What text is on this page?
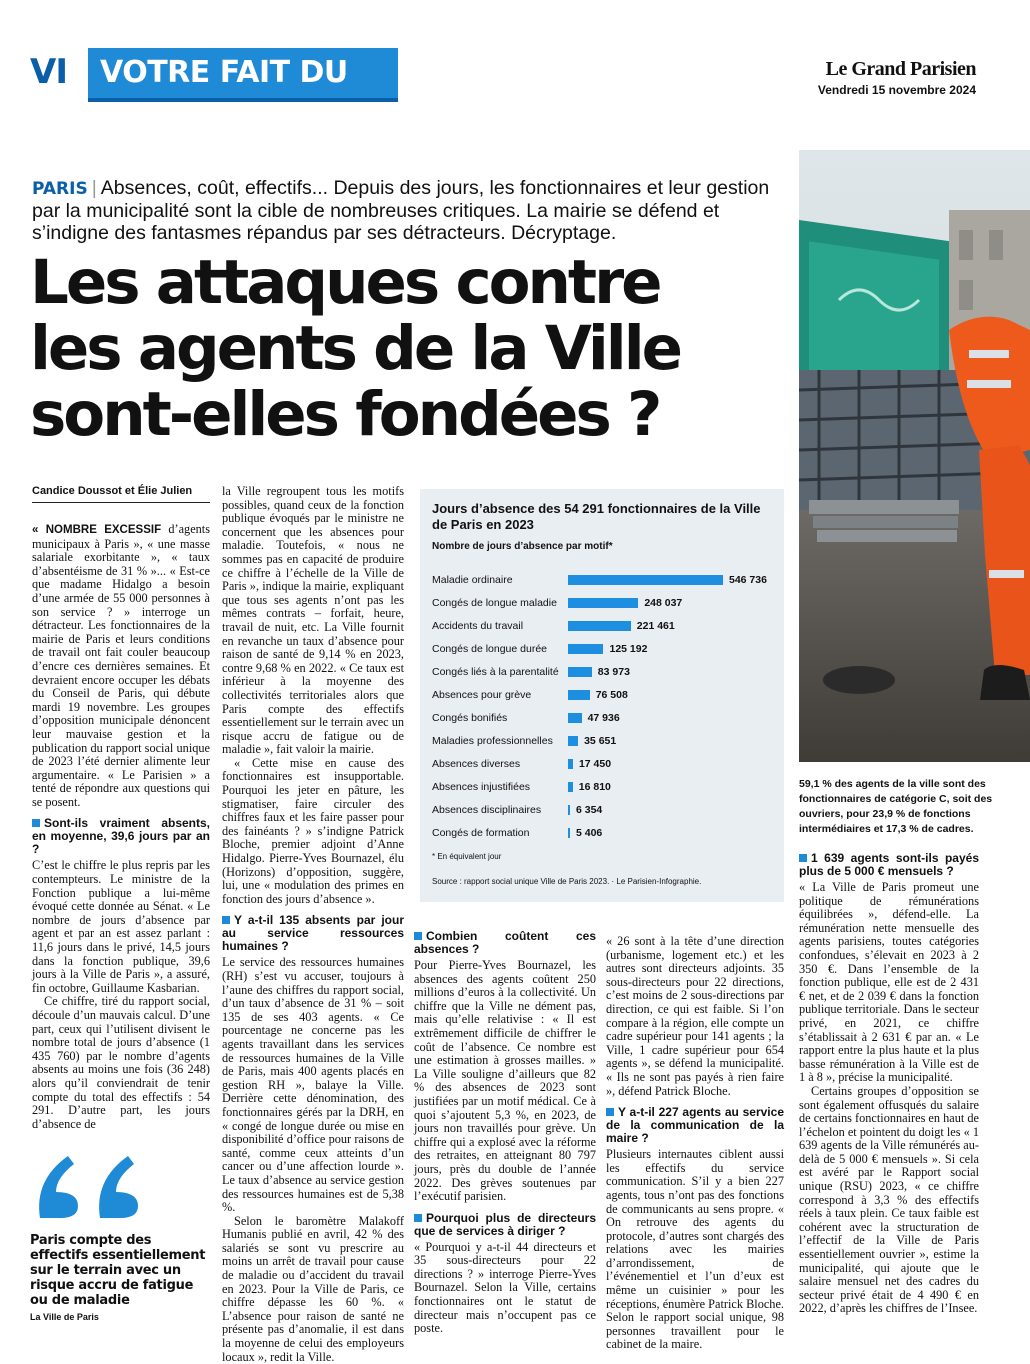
VI	VOTRE FAIT DU JOUR
Le Grand Parisien
Vendredi 15 novembre 2024
59,1 % des agents de la ville sont des fonctionnaires de catégorie C, soit des ouvriers, pour 23,9 % de fonctions intermédiaires et 17,3 % de cadres.
PARIS | Absences, coût, effectifs... Depuis des jours, les fonctionnaires et leur gestion par la municipalité sont la cible de nombreuses critiques. La mairie se défend et s’indigne des fantasmes répandus par ses détracteurs. Décryptage.
Les attaques contre
les agents de la Ville
sont-elles fondées ?
Candice Doussot et Élie Julien

« NOMBRE EXCESSIF d’agents municipaux à Paris », « une masse salariale exorbitante », « taux d’absentéisme de 31 % »... « Est-ce que madame Hidalgo a besoin d’une armée de 55 000 personnes à son service ? » interroge un détracteur. Les fonctionnaires de la mairie de Paris et leurs conditions de travail ont fait couler beaucoup d’encre ces dernières semaines. Et devraient encore occuper les débats du Conseil de Paris, qui débute mardi 19 novembre. Les groupes d’opposition municipale dénoncent leur mauvaise gestion et la publication du rapport social unique de 2023 l’été dernier alimente leur argumentaire. « Le Parisien » a tenté de répondre aux questions qui se posent.

Sont-ils vraiment absents, en moyenne, 39,6 jours par an ?

C’est le chiffre le plus repris par les contempteurs. Le ministre de la Fonction publique a lui-même évoqué cette donnée au Sénat. « Le nombre de jours d’absence par agent et par an est assez parlant : 11,6 jours dans le privé, 14,5 jours dans la fonction publique, 39,6 jours à la Ville de Paris », a assuré, fin octobre, Guillaume Kasbarian.

Ce chiffre, tiré du rapport social, découle d’un mauvais calcul. D’une part, ceux qui l’utilisent divisent le nombre total de jours d’absence (1 435 760) par le nombre d’agents absents au moins une fois (36 248) alors qu’il conviendrait de tenir compte du total des effectifs : 54 291. D’autre part, les jours d’absence de

Paris compte des effectifs essentiellement sur le terrain avec un risque accru de fatigue ou de maladie
La Ville de Paris

la Ville regroupent tous les motifs possibles, quand ceux de la fonction publique évoqués par le ministre ne concernent que les absences pour maladie. Toutefois, « nous ne sommes pas en capacité de produire ce chiffre à l’échelle de la Ville de Paris », indique la mairie, expliquant que tous ses agents n’ont pas les mêmes contrats – forfait, heure, travail de nuit, etc. La Ville fournit en revanche un taux d’absence pour raison de santé de 9,14 % en 2023, contre 9,68 % en 2022. « Ce taux est inférieur à la moyenne des collectivités territoriales alors que Paris compte des effectifs essentiellement sur le terrain avec un risque accru de fatigue ou de maladie », fait valoir la mairie.

« Cette mise en cause des fonctionnaires est insupportable. Pourquoi les jeter en pâture, les stigmatiser, faire circuler des chiffres faux et les faire passer pour des fainéants ? » s’indigne Patrick Bloche, premier adjoint d’Anne Hidalgo. Pierre-Yves Bournazel, élu (Horizons) d’opposition, suggère, lui, une « modulation des primes en fonction des jours d’absence ».

Y a-t-il 135 absents par jour au service ressources humaines ?

Le service des ressources humaines (RH) s’est vu accuser, toujours à l’aune des chiffres du rapport social, d’un taux d’absence de 31 % – soit 135 de ses 403 agents. « Ce pourcentage ne concerne pas les agents travaillant dans les services de ressources humaines de la Ville de Paris, mais 400 agents placés en gestion RH », balaye la Ville. Derrière cette dénomination, des fonctionnaires gérés par la DRH, en « congé de longue durée ou mise en disponibilité d’office pour raisons de santé, comme ceux atteints d’un cancer ou d’une affection lourde ». Le taux d’absence au service gestion des ressources humaines est de 5,38 %.

Selon le baromètre Malakoff Humanis publié en avril, 42 % des salariés se sont vu prescrire au moins un arrêt de travail pour cause de maladie ou d’accident du travail en 2023. Pour la Ville de Paris, ce chiffre dépasse les 60 %. « L’absence pour raison de santé ne présente pas d’anomalie, il est dans la moyenne de celui des employeurs locaux », redit la Ville.

Jours d’absence des 54 291 fonctionnaires de la Ville de Paris en 2023
Nombre de jours d’absence par motif*
Maladie ordinaire	546 736
Congés de longue maladie	248 037
Accidents du travail	221 461
Congés de longue durée	125 192
Congés liés à la parentalité	83 973
Absences pour grève	76 508
Congés bonifiés	47 936
Maladies professionnelles	35 651
Absences diverses	17 450
Absences injustifiées	16 810
Absences disciplinaires	6 354
Congés de formation	5 406
* En équivalent jour
Source : rapport social unique Ville de Paris 2023. · Le Parisien-Infographie.
Combien coûtent ces absences ?

Pour Pierre-Yves Bournazel, les absences des agents coûtent 250 millions d’euros à la collectivité. Un chiffre que la Ville ne dément pas, mais qu’elle relativise : « Il est extrêmement difficile de chiffrer le coût de l’absence. Ce nombre est une estimation à grosses mailles. » La Ville souligne d’ailleurs que 82 % des absences de 2023 sont justifiées par un motif médical. Ce à quoi s’ajoutent 5,3 %, en 2023, de jours non travaillés pour grève. Un chiffre qui a explosé avec la réforme des retraites, en atteignant 80 797 jours, près du double de l’année 2022. Des grèves soutenues par l’exécutif parisien.

Pourquoi plus de directeurs que de services à diriger ?

« Pourquoi y a-t-il 44 directeurs et 35 sous-directeurs pour 22 directions ? » interroge Pierre-Yves Bournazel. Selon la Ville, certains fonctionnaires ont le statut de directeur mais n’occupent pas ce poste.

« 26 sont à la tête d’une direction (urbanisme, logement etc.) et les autres sont directeurs adjoints. 35 sous-directeurs pour 22 directions, c’est moins de 2 sous-directions par direction, ce qui est faible. Si l’on compare à la région, elle compte un cadre supérieur pour 141 agents ; la Ville, 1 cadre supérieur pour 654 agents », se défend la municipalité. « Ils ne sont pas payés à rien faire », défend Patrick Bloche.

Y a-t-il 227 agents au service de la communication de la maire ?

Plusieurs internautes ciblent aussi les effectifs du service communication. S’il y a bien 227 agents, tous n’ont pas des fonctions de communicants au sens propre. « On retrouve des agents du protocole, d’autres sont chargés des relations avec les mairies d’arrondissement, de l’événementiel et l’un d’eux est même un cuisinier » pour les réceptions, énumère Patrick Bloche. Selon le rapport social unique, 98 personnes travaillent pour le cabinet de la maire.

1 639 agents sont-ils payés plus de 5 000 € mensuels ?

« La Ville de Paris promeut une politique de rémunérations équilibrées », défend-elle. La rémunération nette mensuelle des agents parisiens, toutes catégories confondues, s’élevait en 2023 à 2 350 €. Dans l’ensemble de la fonction publique, elle est de 2 431 € net, et de 2 039 € dans la fonction publique territoriale. Dans le secteur privé, en 2021, ce chiffre s’établissait à 2 631 € par an. « Le rapport entre la plus haute et la plus basse rémunération à la Ville est de 1 à 8 », précise la municipalité.

Certains groupes d’opposition se sont également offusqués du salaire de certains fonctionnaires en haut de l’échelon et pointent du doigt les « 1 639 agents de la Ville rémunérés au-delà de 5 000 € mensuels ». Si cela est avéré par le Rapport social unique (RSU) 2023, « ce chiffre correspond à 3,3 % des effectifs réels à taux plein. Ce taux faible est cohérent avec la structuration de l’effectif de la Ville de Paris essentiellement ouvrier », estime la municipalité, qui ajoute que le salaire mensuel net des cadres du secteur privé était de 4 490 € en 2022, d’après les chiffres de l’Insee.
